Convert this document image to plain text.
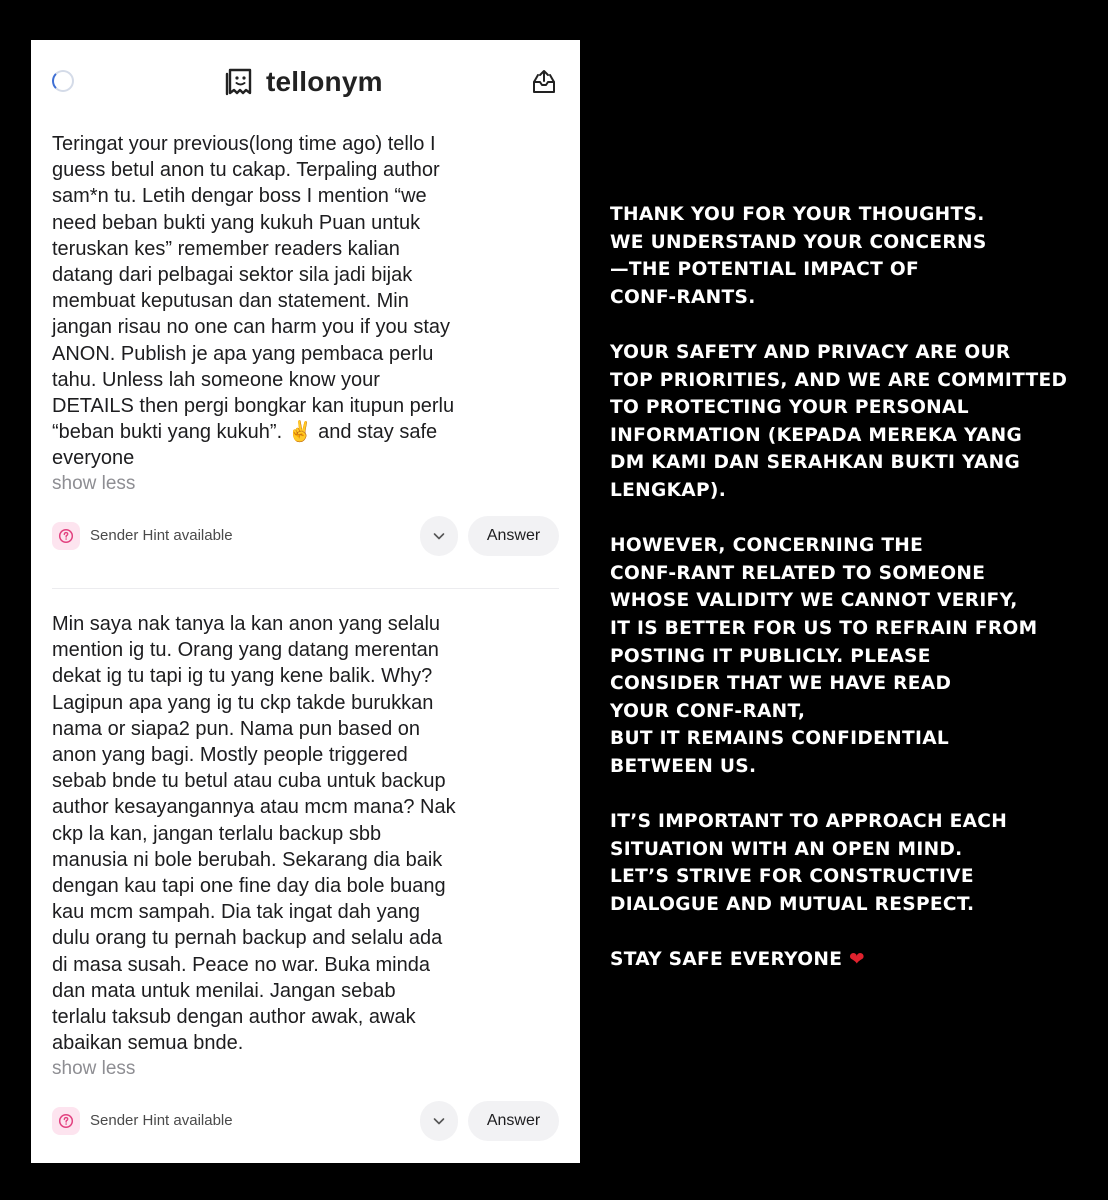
tellonym
Teringat your previous(long time ago) tello I
guess betul anon tu cakap. Terpaling author
sam*n tu. Letih dengar boss I mention “we
need beban bukti yang kukuh Puan untuk
teruskan kes” remember readers kalian
datang dari pelbagai sektor sila jadi bijak
membuat keputusan dan statement. Min
jangan risau no one can harm you if you stay
ANON. Publish je apa yang pembaca perlu
tahu. Unless lah someone know your
DETAILS then pergi bongkar kan itupun perlu
“beban bukti yang kukuh”. ✌️ and stay safe
everyone
show less
Sender Hint available	Answer
Min saya nak tanya la kan anon yang selalu
mention ig tu. Orang yang datang merentan
dekat ig tu tapi ig tu yang kene balik. Why?
Lagipun apa yang ig tu ckp takde burukkan
nama or siapa2 pun. Nama pun based on
anon yang bagi. Mostly people triggered
sebab bnde tu betul atau cuba untuk backup
author kesayangannya atau mcm mana? Nak
ckp la kan, jangan terlalu backup sbb
manusia ni bole berubah. Sekarang dia baik
dengan kau tapi one fine day dia bole buang
kau mcm sampah. Dia tak ingat dah yang
dulu orang tu pernah backup and selalu ada
di masa susah. Peace no war. Buka minda
dan mata untuk menilai. Jangan sebab
terlalu taksub dengan author awak, awak
abaikan semua bnde.
show less
Sender Hint available	Answer
THANK YOU FOR YOUR THOUGHTS.
WE UNDERSTAND YOUR CONCERNS
—THE POTENTIAL IMPACT OF
CONF-RANTS.

YOUR SAFETY AND PRIVACY ARE OUR
TOP PRIORITIES, AND WE ARE COMMITTED
TO PROTECTING YOUR PERSONAL
INFORMATION (KEPADA MEREKA YANG
DM KAMI DAN SERAHKAN BUKTI YANG
LENGKAP).

HOWEVER, CONCERNING THE
CONF-RANT RELATED TO SOMEONE
WHOSE VALIDITY WE CANNOT VERIFY,
IT IS BETTER FOR US TO REFRAIN FROM
POSTING IT PUBLICLY. PLEASE
CONSIDER THAT WE HAVE READ
YOUR CONF-RANT,
BUT IT REMAINS CONFIDENTIAL
BETWEEN US.

IT’S IMPORTANT TO APPROACH EACH
SITUATION WITH AN OPEN MIND.
LET’S STRIVE FOR CONSTRUCTIVE
DIALOGUE AND MUTUAL RESPECT.

STAY SAFE EVERYONE ❤
